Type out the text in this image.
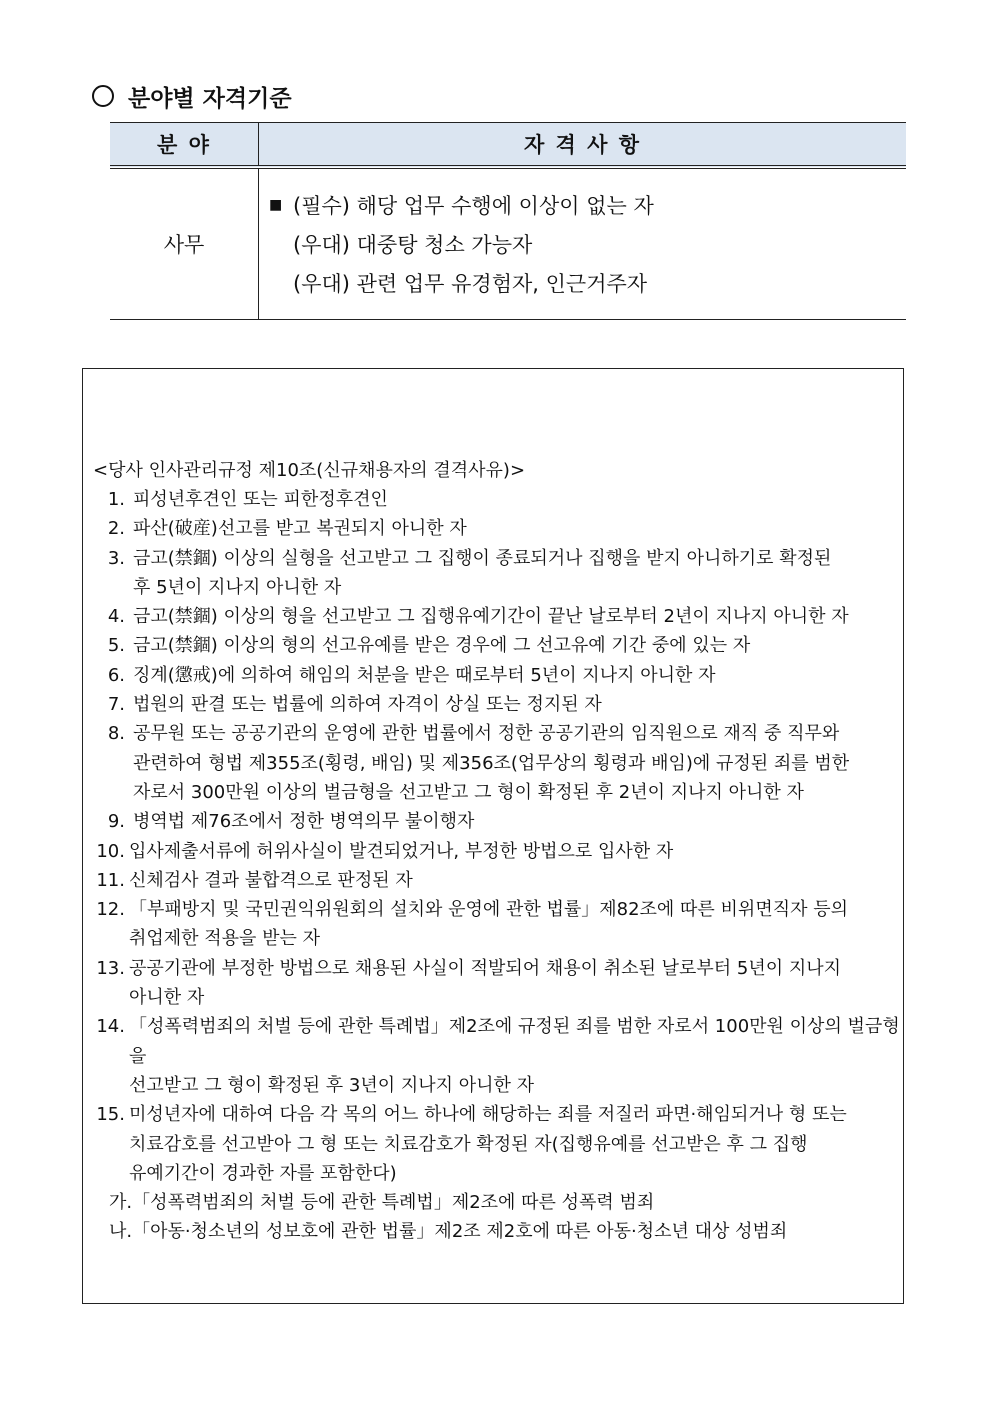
분야별 자격기준
분 야	자 격 사 항
사무	■ (필수) 해당 업무 수행에 이상이 없는 자
(우대) 대중탕 청소 가능자
(우대) 관련 업무 유경험자, 인근거주자
<당사 인사관리규정 제10조(신규채용자의 결격사유)>
1. 피성년후견인 또는 피한정후견인
2. 파산(破産)선고를 받고 복권되지 아니한 자
3. 금고(禁錮) 이상의 실형을 선고받고 그 집행이 종료되거나 집행을 받지 아니하기로 확정된
후 5년이 지나지 아니한 자
4. 금고(禁錮) 이상의 형을 선고받고 그 집행유예기간이 끝난 날로부터 2년이 지나지 아니한 자
5. 금고(禁錮) 이상의 형의 선고유예를 받은 경우에 그 선고유예 기간 중에 있는 자
6. 징계(懲戒)에 의하여 해임의 처분을 받은 때로부터 5년이 지나지 아니한 자
7. 법원의 판결 또는 법률에 의하여 자격이 상실 또는 정지된 자
8. 공무원 또는 공공기관의 운영에 관한 법률에서 정한 공공기관의 임직원으로 재직 중 직무와
관련하여 형법 제355조(횡령, 배임) 및 제356조(업무상의 횡령과 배임)에 규정된 죄를 범한
자로서 300만원 이상의 벌금형을 선고받고 그 형이 확정된 후 2년이 지나지 아니한 자
9. 병역법 제76조에서 정한 병역의무 불이행자
10. 입사제출서류에 허위사실이 발견되었거나, 부정한 방법으로 입사한 자
11. 신체검사 결과 불합격으로 판정된 자
12. 「부패방지 및 국민권익위원회의 설치와 운영에 관한 법률」제82조에 따른 비위면직자 등의
취업제한 적용을 받는 자
13. 공공기관에 부정한 방법으로 채용된 사실이 적발되어 채용이 취소된 날로부터 5년이 지나지
아니한 자
14. 「성폭력범죄의 처벌 등에 관한 특례법」제2조에 규정된 죄를 범한 자로서 100만원 이상의 벌금형을
선고받고 그 형이 확정된 후 3년이 지나지 아니한 자
15. 미성년자에 대하여 다음 각 목의 어느 하나에 해당하는 죄를 저질러 파면·해임되거나 형 또는
치료감호를 선고받아 그 형 또는 치료감호가 확정된 자(집행유예를 선고받은 후 그 집행
유예기간이 경과한 자를 포함한다)
가.「성폭력범죄의 처벌 등에 관한 특례법」제2조에 따른 성폭력 범죄
나.「아동·청소년의 성보호에 관한 법률」제2조 제2호에 따른 아동·청소년 대상 성범죄
